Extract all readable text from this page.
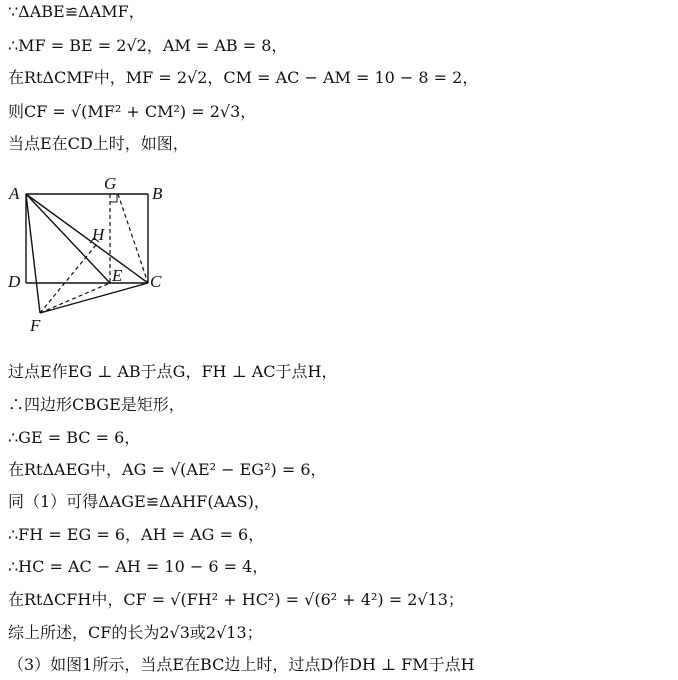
∵ΔABE≌ΔAMF，
∴MF = BE = 2√2，AM = AB = 8，
在RtΔCMF中，MF = 2√2，CM = AC − AM = 10 − 8 = 2，
则CF = √(MF² + CM²) = 2√3，
当点E在CD上时，如图，
A	B
C
D	E
F
G
H
过点E作EG ⊥ AB于点G，FH ⊥ AC于点H，
∴四边形CBGE是矩形，
∴GE = BC = 6，
在RtΔAEG中，AG = √(AE² − EG²) = 6，
同（1）可得ΔAGE≌ΔAHF(AAS)，
∴FH = EG = 6，AH = AG = 6，
∴HC = AC − AH = 10 − 6 = 4，
在RtΔCFH中，CF = √(FH² + HC²) = √(6² + 4²) = 2√13；
综上所述，CF的长为2√3或2√13；
（3）如图1所示，当点E在BC边上时，过点D作DH ⊥ FM于点H
